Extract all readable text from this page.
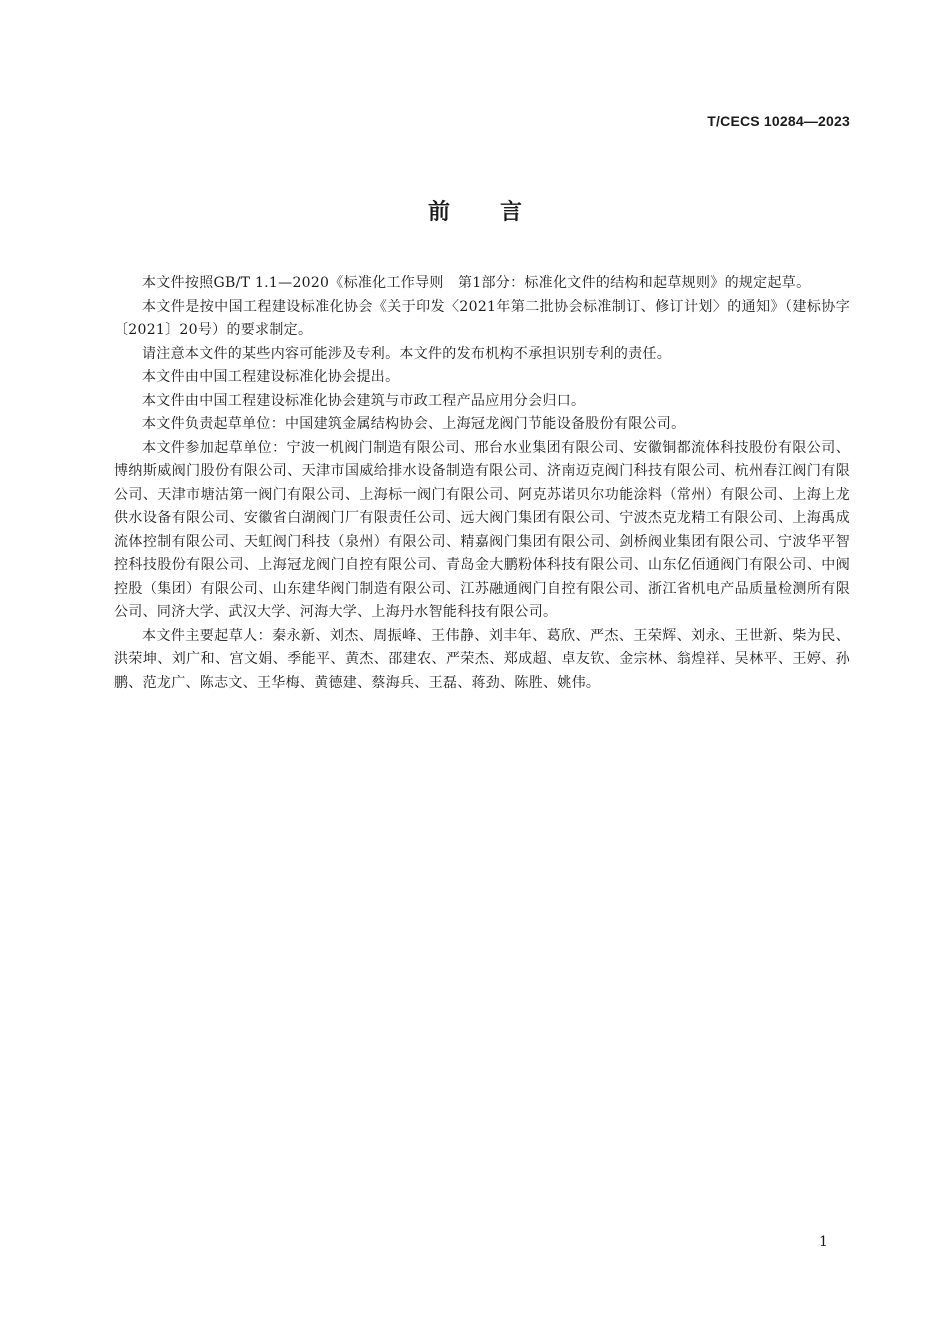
T/CECS 10284—2023
前言

本文件按照GB/T 1.1—2020《标准化工作导则　第1部分：标准化文件的结构和起草规则》的规定起草。

本文件是按中国工程建设标准化协会《关于印发〈2021年第二批协会标准制订、修订计划〉的通知》（建标协字〔2021〕20号）的要求制定。

请注意本文件的某些内容可能涉及专利。本文件的发布机构不承担识别专利的责任。

本文件由中国工程建设标准化协会提出。

本文件由中国工程建设标准化协会建筑与市政工程产品应用分会归口。

本文件负责起草单位：中国建筑金属结构协会、上海冠龙阀门节能设备股份有限公司。

本文件参加起草单位：宁波一机阀门制造有限公司、邢台水业集团有限公司、安徽铜都流体科技股份有限公司、博纳斯威阀门股份有限公司、天津市国威给排水设备制造有限公司、济南迈克阀门科技有限公司、杭州春江阀门有限公司、天津市塘沽第一阀门有限公司、上海标一阀门有限公司、阿克苏诺贝尔功能涂料（常州）有限公司、上海上龙供水设备有限公司、安徽省白湖阀门厂有限责任公司、远大阀门集团有限公司、宁波杰克龙精工有限公司、上海禹成流体控制有限公司、天虹阀门科技（泉州）有限公司、精嘉阀门集团有限公司、剑桥阀业集团有限公司、宁波华平智控科技股份有限公司、上海冠龙阀门自控有限公司、青岛金大鹏粉体科技有限公司、山东亿佰通阀门有限公司、中阀控股（集团）有限公司、山东建华阀门制造有限公司、江苏融通阀门自控有限公司、浙江省机电产品质量检测所有限公司、同济大学、武汉大学、河海大学、上海丹水智能科技有限公司。

本文件主要起草人：秦永新、刘杰、周振峰、王伟静、刘丰年、葛欣、严杰、王荣辉、刘永、王世新、柴为民、洪荣坤、刘广和、宫文娟、季能平、黄杰、邵建农、严荣杰、郑成超、卓友钦、金宗林、翁煌祥、吴林平、王婷、孙鹏、范龙广、陈志文、王华梅、黄德建、蔡海兵、王磊、蒋劲、陈胜、姚伟。

1
